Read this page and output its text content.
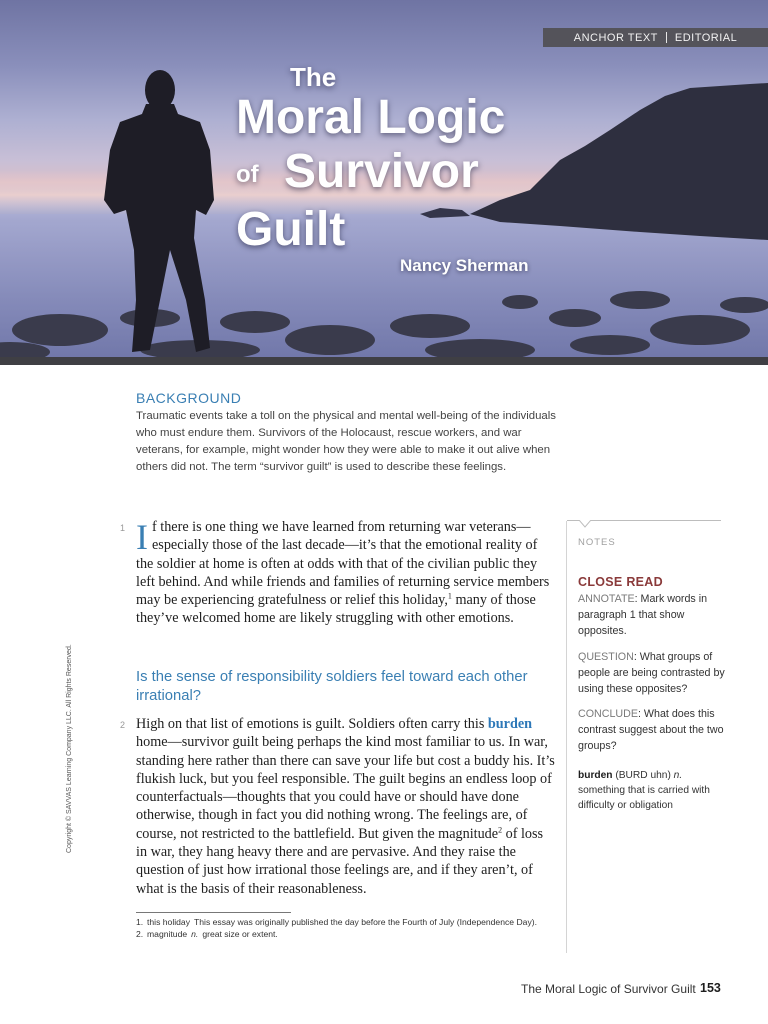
ANCHOR TEXT EDITORIAL
The
Moral Logic
of Survivor
Guilt
Nancy Sherman
BACKGROUND
Traumatic events take a toll on the physical and mental well-being of the individuals who must endure them. Survivors of the Holocaust, rescue workers, and war veterans, for example, might wonder how they were able to make it out alive when others did not. The term “survivor guilt” is used to describe these feelings.
1 If there is one thing we have learned from returning war veterans—especially those of the last decade—it’s that the emotional reality of the soldier at home is often at odds with that of the civilian public they left behind. And while friends and families of returning service members may be experiencing gratefulness or relief this holiday,$^1$ many of those they’ve welcomed home are likely struggling with other emotions.
Is the sense of responsibility soldiers feel toward each other irrational?
2 High on that list of emotions is guilt. Soldiers often carry this burden home—survivor guilt being perhaps the kind most familiar to us. In war, standing here rather than there can save your life but cost a buddy his. It’s flukish luck, but you feel responsible. The guilt begins an endless loop of counterfactuals—thoughts that you could have or should have done otherwise, though in fact you did nothing wrong. The feelings are, of course, not restricted to the battlefield. But given the magnitude$^2$ of loss in war, they hang heavy there and are pervasive. And they raise the question of just how irrational those feelings are, and if they aren’t, of what is the basis of their reasonableness.
1. this holiday This essay was originally published the day before the Fourth of July (Independence Day).
2. magnitude n. great size or extent.
NOTES
CLOSE READ
ANNOTATE: Mark words in paragraph 1 that show opposites.
QUESTION: What groups of people are being contrasted by using these opposites?
CONCLUDE: What does this contrast suggest about the two groups?
burden (BURD uhn) n. something that is carried with difficulty or obligation
Copyright © SAVVAS Learning Company LLC. All Rights Reserved.
The Moral Logic of Survivor Guilt 153
